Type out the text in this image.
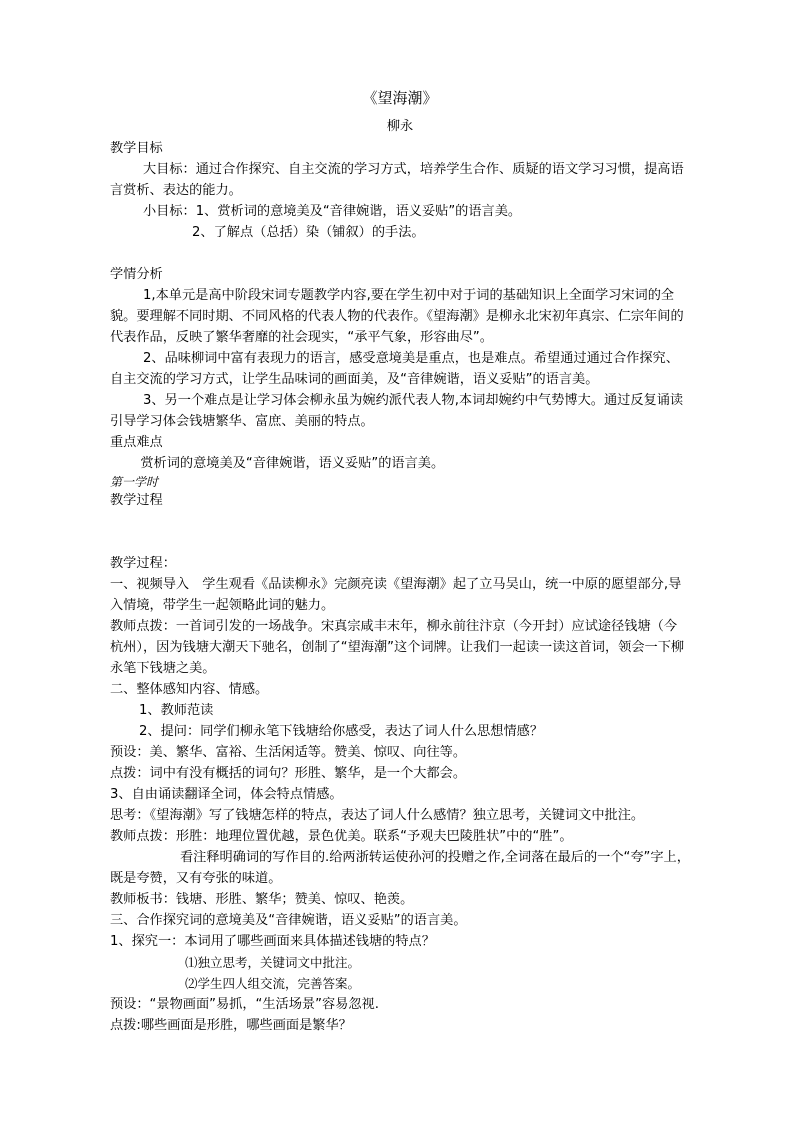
《望海潮》
柳永

教学目标

大目标：通过合作探究、自主交流的学习方式，培养学生合作、质疑的语文学习习惯，提高语言赏析、表达的能力。

小目标：1、赏析词的意境美及“音律婉谐，语义妥贴”的语言美。

2、了解点（总括）染（铺叙）的手法。

学情分析

1,本单元是高中阶段宋词专题教学内容,要在学生初中对于词的基础知识上全面学习宋词的全貌。要理解不同时期、不同风格的代表人物的代表作。《望海潮》是柳永北宋初年真宗、仁宗年间的代表作品，反映了繁华奢靡的社会现实，“承平气象，形容曲尽”。

2、品味柳词中富有表现力的语言，感受意境美是重点，也是难点。希望通过通过合作探究、自主交流的学习方式，让学生品味词的画面美，及“音律婉谐，语义妥贴”的语言美。

3、另一个难点是让学习体会柳永虽为婉约派代表人物,本词却婉约中气势博大。通过反复诵读引导学习体会钱塘繁华、富庶、美丽的特点。

重点难点

赏析词的意境美及“音律婉谐，语义妥贴”的语言美。

第一学时

教学过程

教学过程：

一、视频导入　学生观看《品读柳永》完颜亮读《望海潮》起了立马吴山，统一中原的愿望部分,导入情境，带学生一起领略此词的魅力。

教师点拨：一首词引发的一场战争。宋真宗咸丰末年，柳永前往汴京（今开封）应试途径钱塘（今杭州），因为钱塘大潮天下驰名，创制了“望海潮”这个词牌。让我们一起读一读这首词，领会一下柳永笔下钱塘之美。

二、整体感知内容、情感。

1、教师范读

2、提问：同学们柳永笔下钱塘给你感受，表达了词人什么思想情感？

预设：美、繁华、富裕、生活闲适等。赞美、惊叹、向往等。

点拨：词中有没有概括的词句？形胜、繁华，是一个大都会。

3、自由诵读翻译全词，体会特点情感。

思考：《望海潮》写了钱塘怎样的特点，表达了词人什么感情？独立思考，关键词文中批注。

教师点拨：形胜：地理位置优越，景色优美。联系“予观夫巴陵胜状”中的“胜”。

看注释明确词的写作目的.给两浙转运使孙河的投赠之作,全词落在最后的一个“夸”字上，既是夸赞，又有夸张的味道。

教师板书：钱塘、形胜、繁华；赞美、惊叹、艳羡。

三、合作探究词的意境美及“音律婉谐，语义妥贴”的语言美。

1、探究一：本词用了哪些画面来具体描述钱塘的特点？

⑴独立思考，关键词文中批注。

⑵学生四人组交流，完善答案。

预设：“景物画面”易抓，“生活场景”容易忽视.

点拨:哪些画面是形胜，哪些画面是繁华？
